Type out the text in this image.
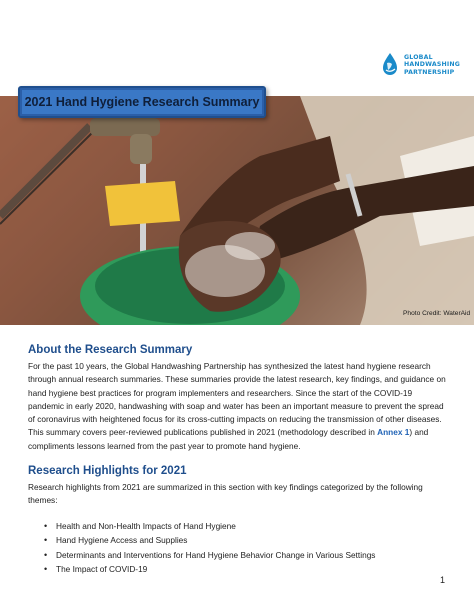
GLOBAL
HANDWASHING
PARTNERSHIP
2021 Hand Hygiene Research Summary
Photo Credit: WaterAid
About the Research Summary
For the past 10 years, the Global Handwashing Partnership has synthesized the latest hand hygiene research through annual research summaries. These summaries provide the latest research, key findings, and guidance on hand hygiene best practices for program implementers and researchers. Since the start of the COVID-19 pandemic in early 2020, handwashing with soap and water has been an important measure to prevent the spread of coronavirus with heightened focus for its cross-cutting impacts on reducing the transmission of other diseases. This summary covers peer-reviewed publications published in 2021 (methodology described in Annex 1) and compliments lessons learned from the past year to promote hand hygiene.
Research Highlights for 2021
Research highlights from 2021 are summarized in this section with key findings categorized by the following themes:
• Health and Non-Health Impacts of Hand Hygiene
• Hand Hygiene Access and Supplies
• Determinants and Interventions for Hand Hygiene Behavior Change in Various Settings
• The Impact of COVID-19
1
